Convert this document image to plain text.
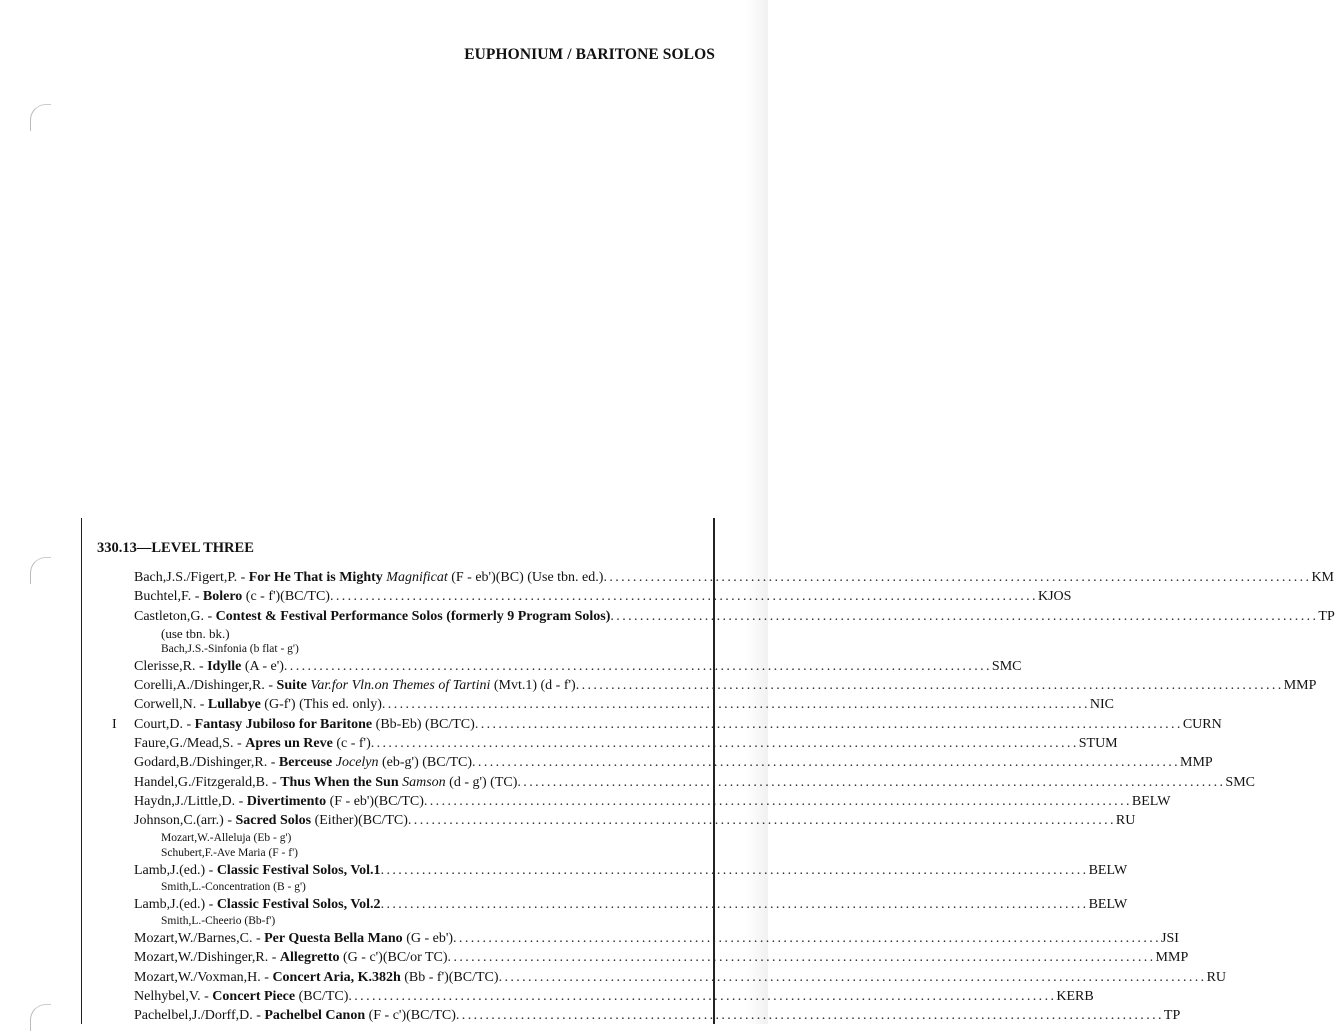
EUPHONIUM / BARITONE SOLOS
330.13—LEVEL THREE
Bach,J.S./Figert,P. - For He That is Mighty Magnificat (F - eb')(BC) (Use tbn. ed.) .....	KM
Buchtel,F. - Bolero (c - f')(BC/TC) .....	KJOS
Castleton,G. - Contest & Festival Performance Solos (formerly 9 Program Solos) .....	TP
(use tbn. bk.)
Bach,J.S.-Sinfonia (b flat - g')
Clerisse,R. - Idylle (A - e') .....	SMC
Corelli,A./Dishinger,R. - Suite Var.for Vln.on Themes of Tartini (Mvt.1) (d - f') .....	MMP
Corwell,N. - Lullabye (G-f') (This ed. only) .....	NIC
I Court,D. - Fantasy Jubiloso for Baritone (Bb-Eb) (BC/TC) .....	CURN
Faure,G./Mead,S. - Apres un Reve (c - f') .....	STUM
Godard,B./Dishinger,R. - Berceuse Jocelyn (eb-g') (BC/TC) .....	MMP
Handel,G./Fitzgerald,B. - Thus When the Sun Samson (d - g') (TC) .....	SMC
Haydn,J./Little,D. - Divertimento (F - eb')(BC/TC) .....	BELW
Johnson,C.(arr.) - Sacred Solos (Either)(BC/TC) .....	RU
Mozart,W.-Alleluja (Eb - g')
Schubert,F.-Ave Maria (F - f')
Lamb,J.(ed.) - Classic Festival Solos, Vol.1 .....	BELW
Smith,L.-Concentration (B - g')
Lamb,J.(ed.) - Classic Festival Solos, Vol.2 .....	BELW
Smith,L.-Cheerio (Bb-f')
Mozart,W./Barnes,C. - Per Questa Bella Mano (G - eb') .....	JSI
Mozart,W./Dishinger,R. - Allegretto (G - c')(BC/or TC) .....	MMP
Mozart,W./Voxman,H. - Concert Aria, K.382h (Bb - f')(BC/TC) .....	RU
Nelhybel,V. - Concert Piece (BC/TC) .....	KERB
Pachelbel,J./Dorff,D. - Pachelbel Canon (F - c')(BC/TC) .....	TP
